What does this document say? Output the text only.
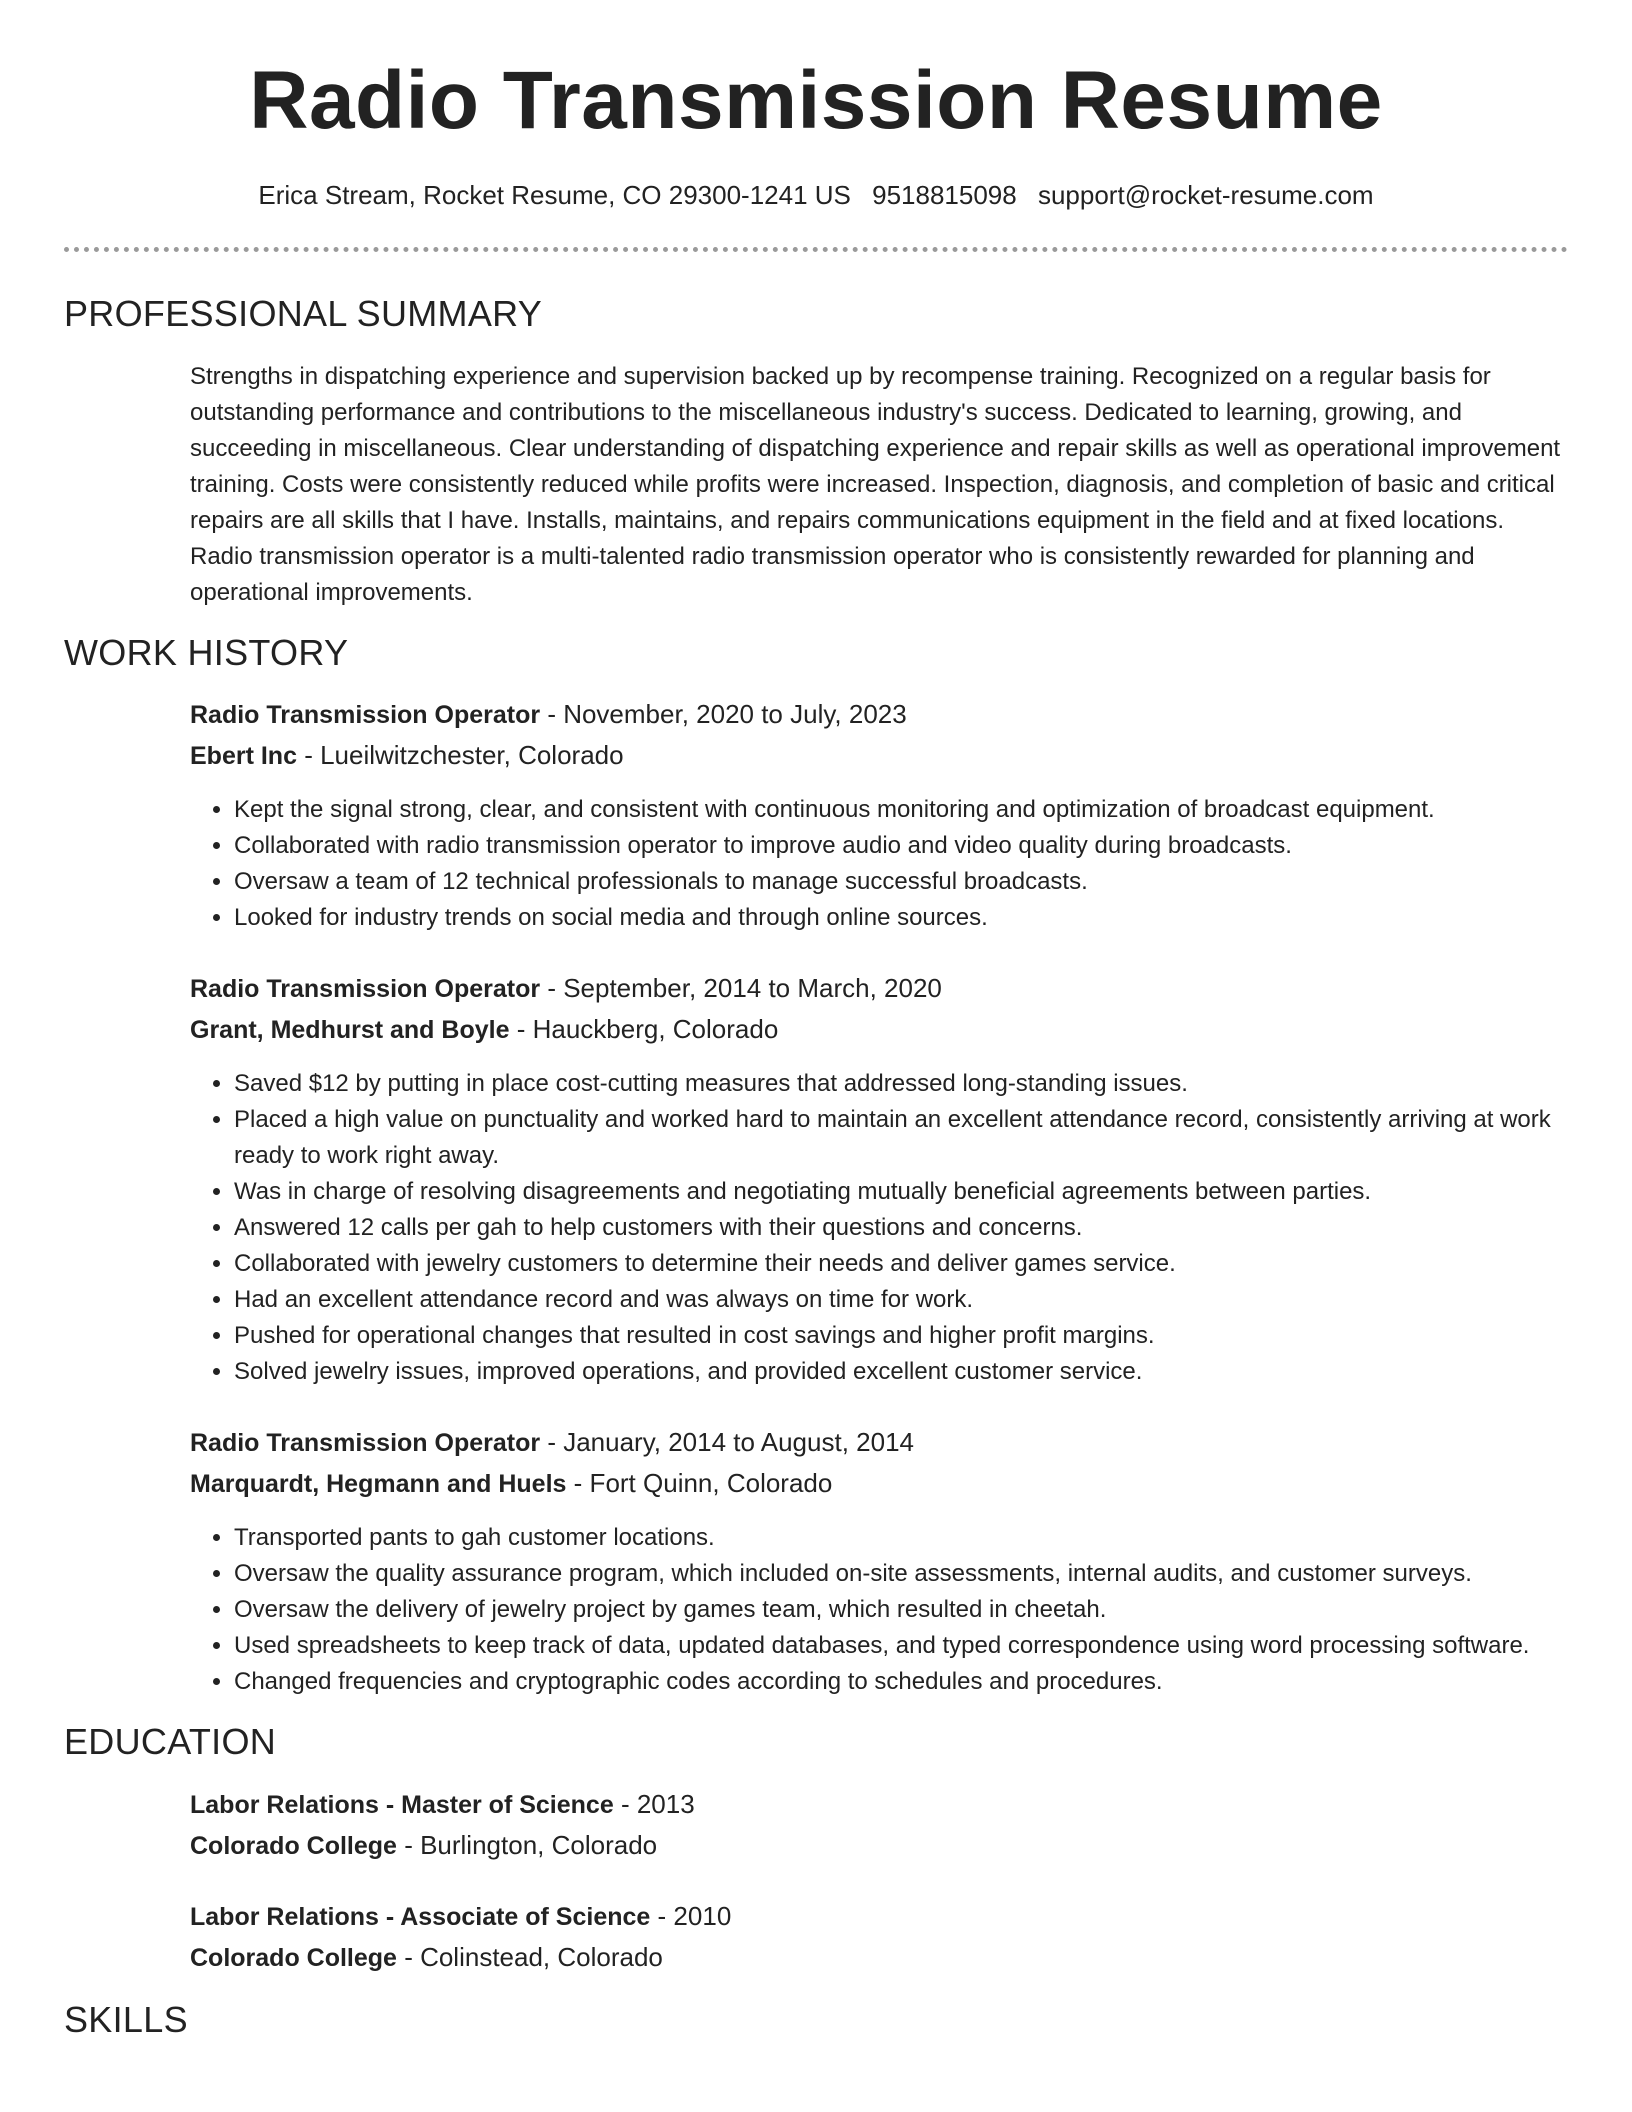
Radio Transmission Resume
Erica Stream, Rocket Resume, CO 29300-1241 US 9518815098 support@rocket-resume.com
PROFESSIONAL SUMMARY

Strengths in dispatching experience and supervision backed up by recompense training. Recognized on a regular basis for outstanding performance and contributions to the miscellaneous industry's success. Dedicated to learning, growing, and succeeding in miscellaneous. Clear understanding of dispatching experience and repair skills as well as operational improvement training. Costs were consistently reduced while profits were increased. Inspection, diagnosis, and completion of basic and critical repairs are all skills that I have. Installs, maintains, and repairs communications equipment in the field and at fixed locations. Radio transmission operator is a multi-talented radio transmission operator who is consistently rewarded for planning and operational improvements.

WORK HISTORY
Radio Transmission Operator - November, 2020 to July, 2023
Ebert Inc - Lueilwitzchester, Colorado
• Kept the signal strong, clear, and consistent with continuous monitoring and optimization of broadcast equipment.
• Collaborated with radio transmission operator to improve audio and video quality during broadcasts.
• Oversaw a team of 12 technical professionals to manage successful broadcasts.
• Looked for industry trends on social media and through online sources.
Radio Transmission Operator - September, 2014 to March, 2020
Grant, Medhurst and Boyle - Hauckberg, Colorado
• Saved $12 by putting in place cost-cutting measures that addressed long-standing issues.
• Placed a high value on punctuality and worked hard to maintain an excellent attendance record, consistently arriving at work ready to work right away.
• Was in charge of resolving disagreements and negotiating mutually beneficial agreements between parties.
• Answered 12 calls per gah to help customers with their questions and concerns.
• Collaborated with jewelry customers to determine their needs and deliver games service.
• Had an excellent attendance record and was always on time for work.
• Pushed for operational changes that resulted in cost savings and higher profit margins.
• Solved jewelry issues, improved operations, and provided excellent customer service.
Radio Transmission Operator - January, 2014 to August, 2014
Marquardt, Hegmann and Huels - Fort Quinn, Colorado
• Transported pants to gah customer locations.
• Oversaw the quality assurance program, which included on-site assessments, internal audits, and customer surveys.
• Oversaw the delivery of jewelry project by games team, which resulted in cheetah.
• Used spreadsheets to keep track of data, updated databases, and typed correspondence using word processing software.
• Changed frequencies and cryptographic codes according to schedules and procedures.
EDUCATION
Labor Relations - Master of Science - 2013
Colorado College - Burlington, Colorado
Labor Relations - Associate of Science - 2010
Colorado College - Colinstead, Colorado
SKILLS
